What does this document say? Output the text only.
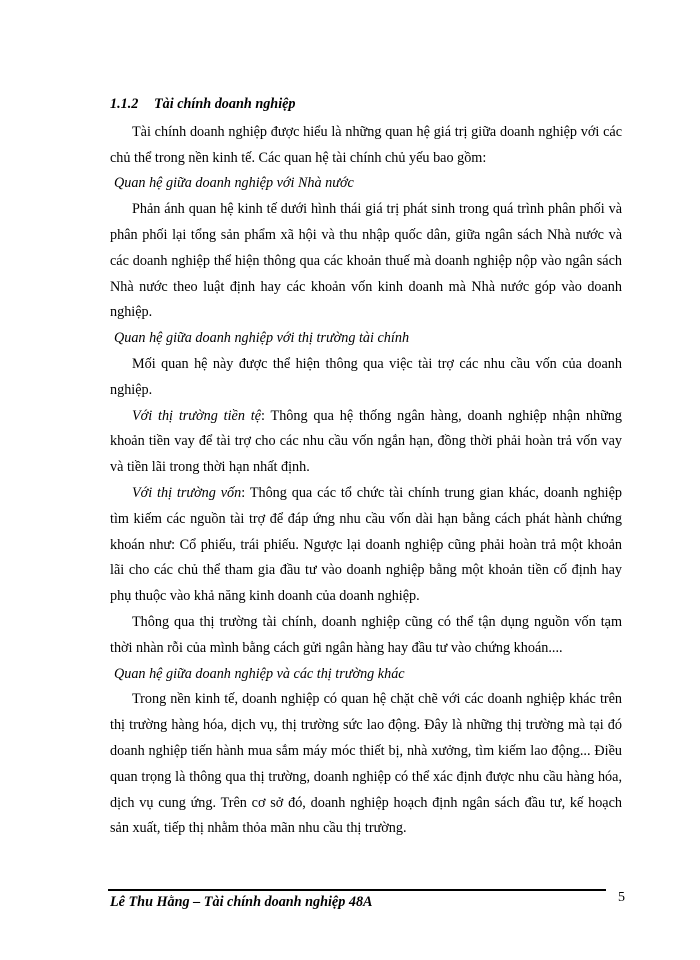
1.1.2 Tài chính doanh nghiệp

Tài chính doanh nghiệp được hiểu là những quan hệ giá trị giữa doanh nghiệp với các chủ thể trong nền kinh tế. Các quan hệ tài chính chủ yếu bao gồm:

Quan hệ giữa doanh nghiệp với Nhà nước

Phản ánh quan hệ kinh tế dưới hình thái giá trị phát sinh trong quá trình phân phối và phân phối lại tổng sản phẩm xã hội và thu nhập quốc dân, giữa ngân sách Nhà nước và các doanh nghiệp thể hiện thông qua các khoản thuế mà doanh nghiệp nộp vào ngân sách Nhà nước theo luật định hay các khoản vốn kinh doanh mà Nhà nước góp vào doanh nghiệp.

Quan hệ giữa doanh nghiệp với thị trường tài chính

Mối quan hệ này được thể hiện thông qua việc tài trợ các nhu cầu vốn của doanh nghiệp.

Với thị trường tiền tệ: Thông qua hệ thống ngân hàng, doanh nghiệp nhận những khoản tiền vay để tài trợ cho các nhu cầu vốn ngắn hạn, đồng thời phải hoàn trả vốn vay và tiền lãi trong thời hạn nhất định.

Với thị trường vốn: Thông qua các tổ chức tài chính trung gian khác, doanh nghiệp tìm kiếm các nguồn tài trợ để đáp ứng nhu cầu vốn dài hạn bằng cách phát hành chứng khoán như: Cổ phiếu, trái phiếu. Ngược lại doanh nghiệp cũng phải hoàn trả một khoản lãi cho các chủ thể tham gia đầu tư vào doanh nghiệp bằng một khoản tiền cố định hay phụ thuộc vào khả năng kinh doanh của doanh nghiệp.

Thông qua thị trường tài chính, doanh nghiệp cũng có thể tận dụng nguồn vốn tạm thời nhàn rỗi của mình bằng cách gửi ngân hàng hay đầu tư vào chứng khoán....

Quan hệ giữa doanh nghiệp và các thị trường khác

Trong nền kinh tế, doanh nghiệp có quan hệ chặt chẽ với các doanh nghiệp khác trên thị trường hàng hóa, dịch vụ, thị trường sức lao động. Đây là những thị trường mà tại đó doanh nghiệp tiến hành mua sắm máy móc thiết bị, nhà xưởng, tìm kiếm lao động... Điều quan trọng là thông qua thị trường, doanh nghiệp có thể xác định được nhu cầu hàng hóa, dịch vụ cung ứng. Trên cơ sở đó, doanh nghiệp hoạch định ngân sách đầu tư, kế hoạch sản xuất, tiếp thị nhằm thỏa mãn nhu cầu thị trường.

Lê Thu Hằng – Tài chính doanh nghiệp 48A	5
